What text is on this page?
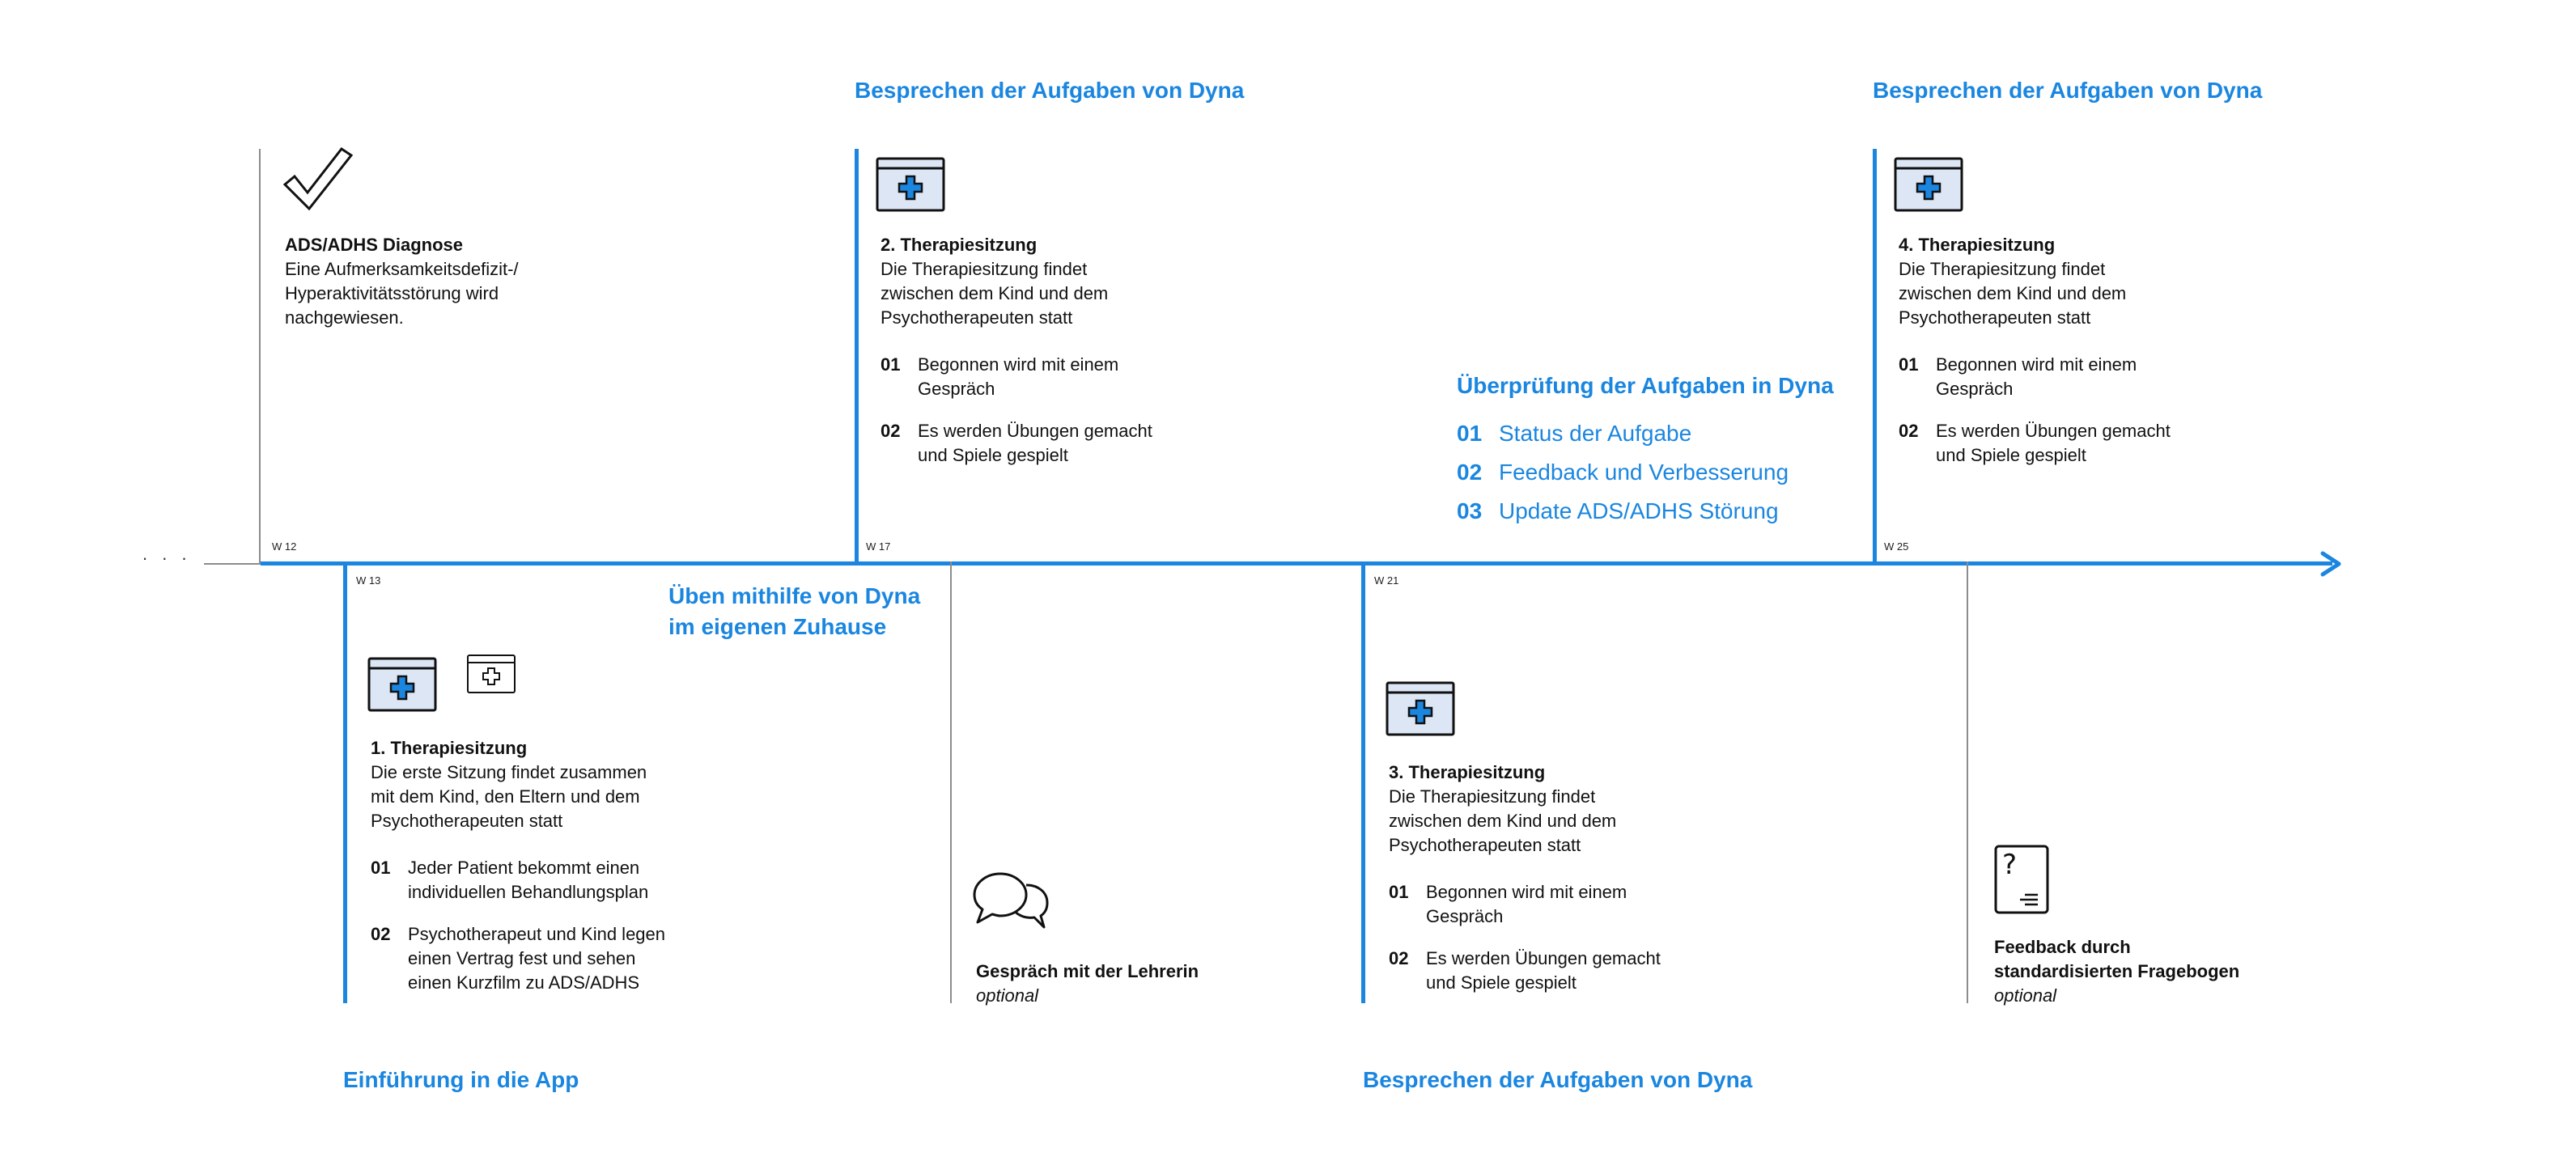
. . .	W 12	W 17	W 25
W 13	W 21
Besprechen der Aufgaben von Dyna	Besprechen der Aufgaben von Dyna
Üben mithilfe von Dyna
im eigenen Zuhause
Einführung in die App	Besprechen der Aufgaben von Dyna
?
ADS/ADHS Diagnose
Eine Aufmerksamkeitsdefizit-/
Hyperaktivitätsstörung wird
nachgewiesen.
2. Therapiesitzung
Die Therapiesitzung findet
zwischen dem Kind und dem
Psychotherapeuten statt
01 Begonnen wird mit einem
Gespräch
02 Es werden Übungen gemacht
und Spiele gespielt
4. Therapiesitzung
Die Therapiesitzung findet
zwischen dem Kind und dem
Psychotherapeuten statt
01 Begonnen wird mit einem
Gespräch
02 Es werden Übungen gemacht
und Spiele gespielt
Überprüfung der Aufgaben in Dyna
01 Status der Aufgabe
02 Feedback und Verbesserung
03 Update ADS/ADHS Störung
1. Therapiesitzung
Die erste Sitzung findet zusammen
mit dem Kind, den Eltern und dem
Psychotherapeuten statt
01 Jeder Patient bekommt einen
individuellen Behandlungsplan
02 Psychotherapeut und Kind legen
einen Vertrag fest und sehen
einen Kurzfilm zu ADS/ADHS
3. Therapiesitzung
Die Therapiesitzung findet
zwischen dem Kind und dem
Psychotherapeuten statt
01 Begonnen wird mit einem
Gespräch
02 Es werden Übungen gemacht
und Spiele gespielt
Gespräch mit der Lehrerin
optional
Feedback durch
standardisierten Fragebogen
optional
